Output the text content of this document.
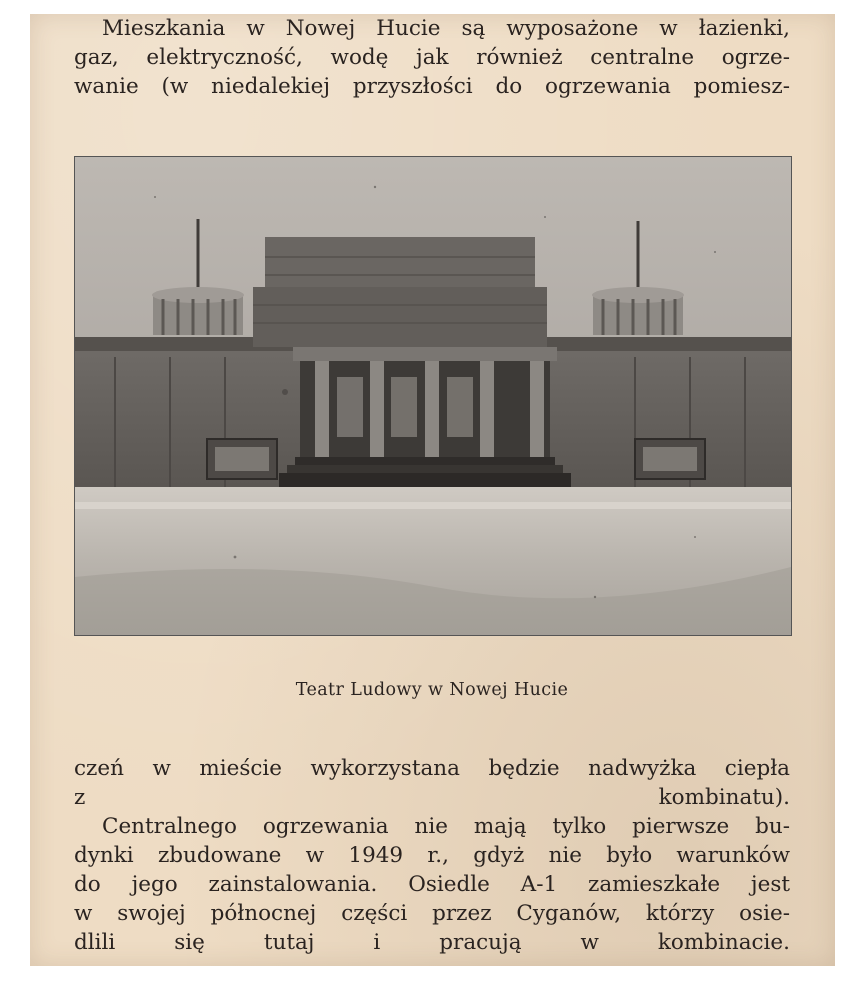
Mieszkania w Nowej Hucie są wyposażone w łazienki,
gaz, elektryczność, wodę jak również centralne ogrze-
wanie (w niedalekiej przyszłości do ogrzewania pomiesz-
Teatr Ludowy w Nowej Hucie
czeń w mieście wykorzystana będzie nadwyżka ciepła
z kombinatu).
Centralnego ogrzewania nie mają tylko pierwsze bu-
dynki zbudowane w 1949 r., gdyż nie było warunków
do jego zainstalowania. Osiedle A-1 zamieszkałe jest
w swojej północnej części przez Cyganów, którzy osie-
dlili się tutaj i pracują w kombinacie.
